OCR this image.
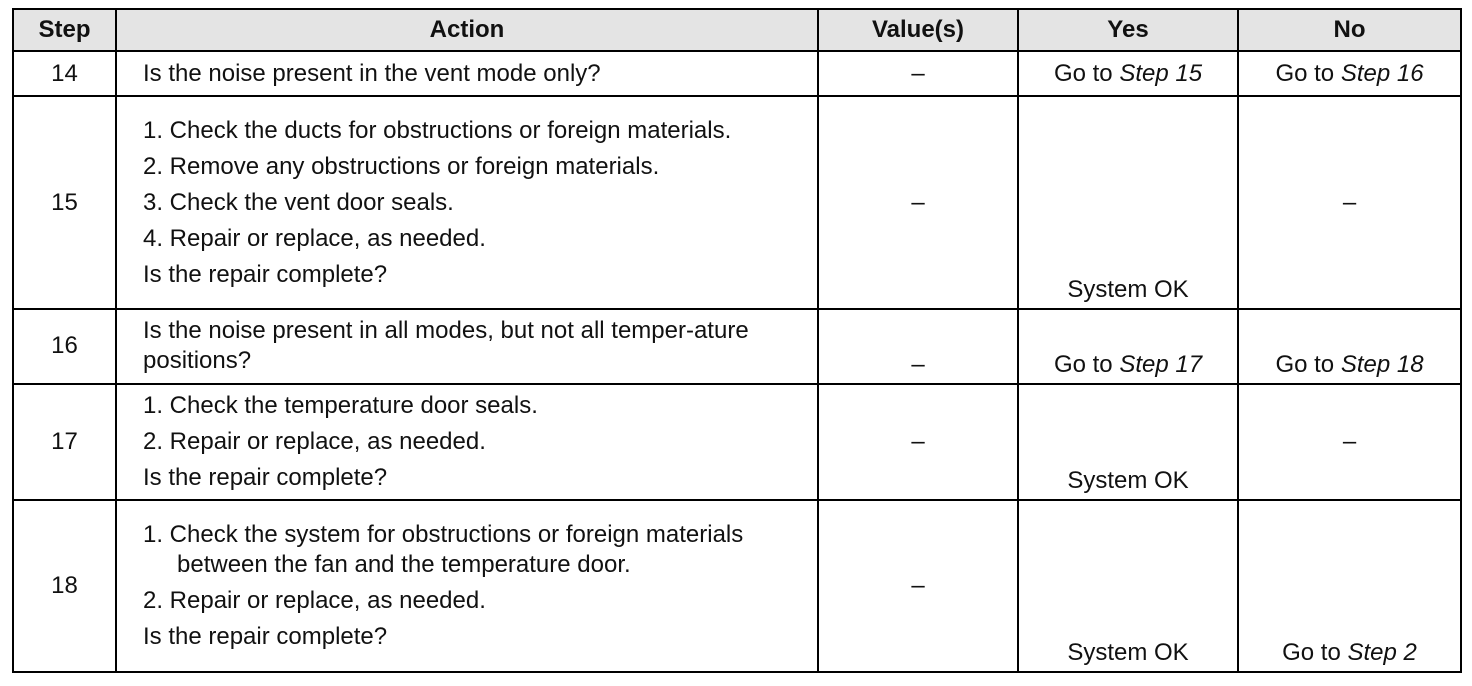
Step	Action	Value(s)	Yes	No
14	Is the noise present in the vent mode only?	–	Go to Step 15	Go to Step 16
15	1. Check the ducts for obstructions or foreign materials.
2. Remove any obstructions or foreign materials.
3. Check the vent door seals.
4. Repair or replace, as needed.
Is the repair complete?	–	System OK	–
16	Is the noise present in all modes, but not all temper-ature positions?	–	Go to Step 17	Go to Step 18
17	1. Check the temperature door seals.
2. Repair or replace, as needed.
Is the repair complete?	–	System OK	–
18	1. Check the system for obstructions or foreign materials between the fan and the temperature door.
2. Repair or replace, as needed.
Is the repair complete?	–	System OK	Go to Step 2
